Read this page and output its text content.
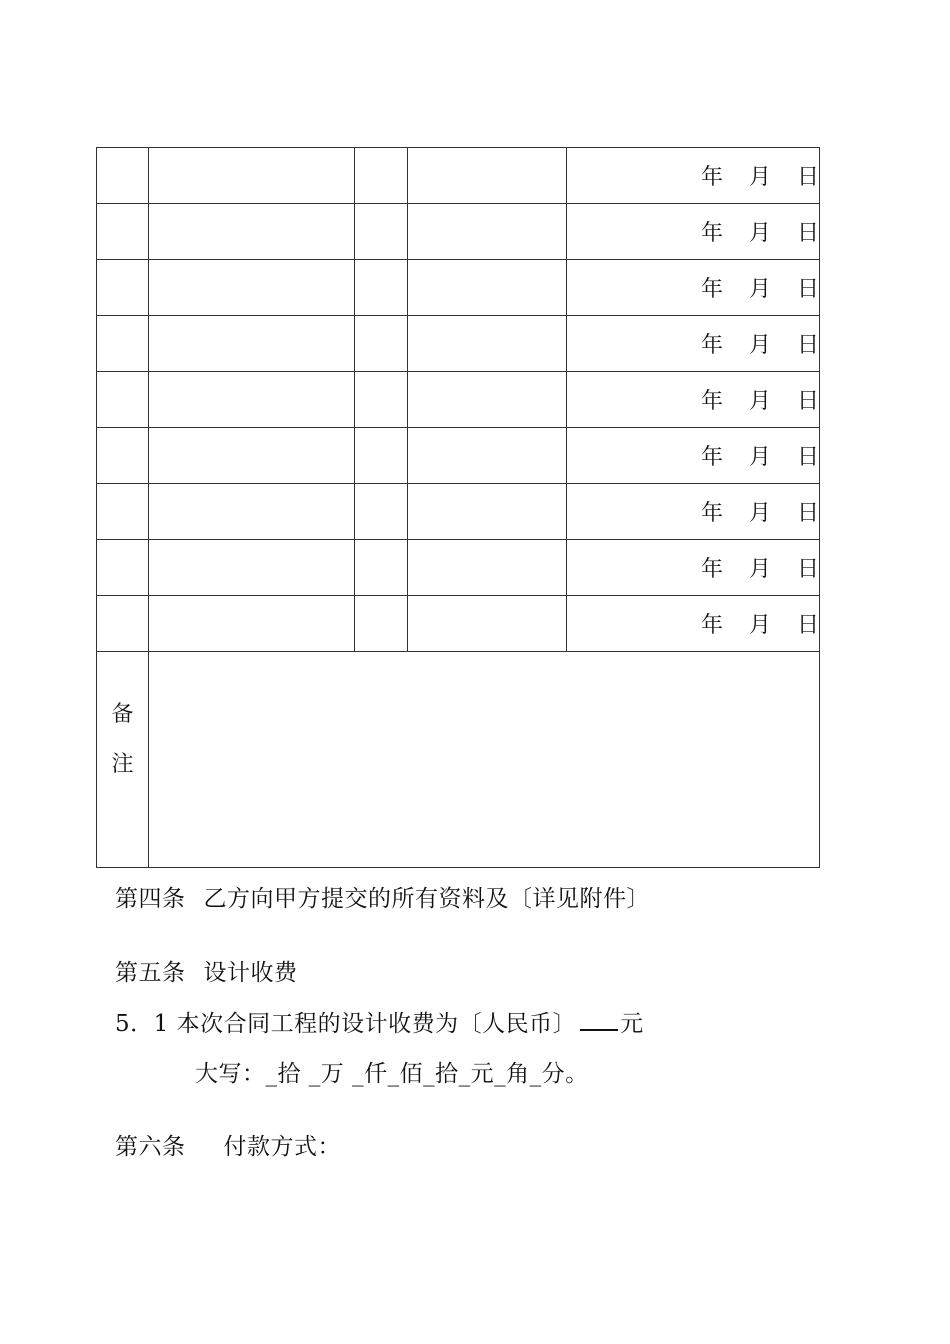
				年 月 日
				年 月 日
				年 月 日
				年 月 日
				年 月 日
				年 月 日
				年 月 日
				年 月 日
				年 月 日

备
注				

第四条 乙方向甲方提交的所有资料及〔详见附件〕
第五条 设计收费
5．1 本次合同工程的设计收费为〔人民币〕 元
大写：_拾 _万 _仟_佰_拾_元_角_分。
第六条 付款方式：
